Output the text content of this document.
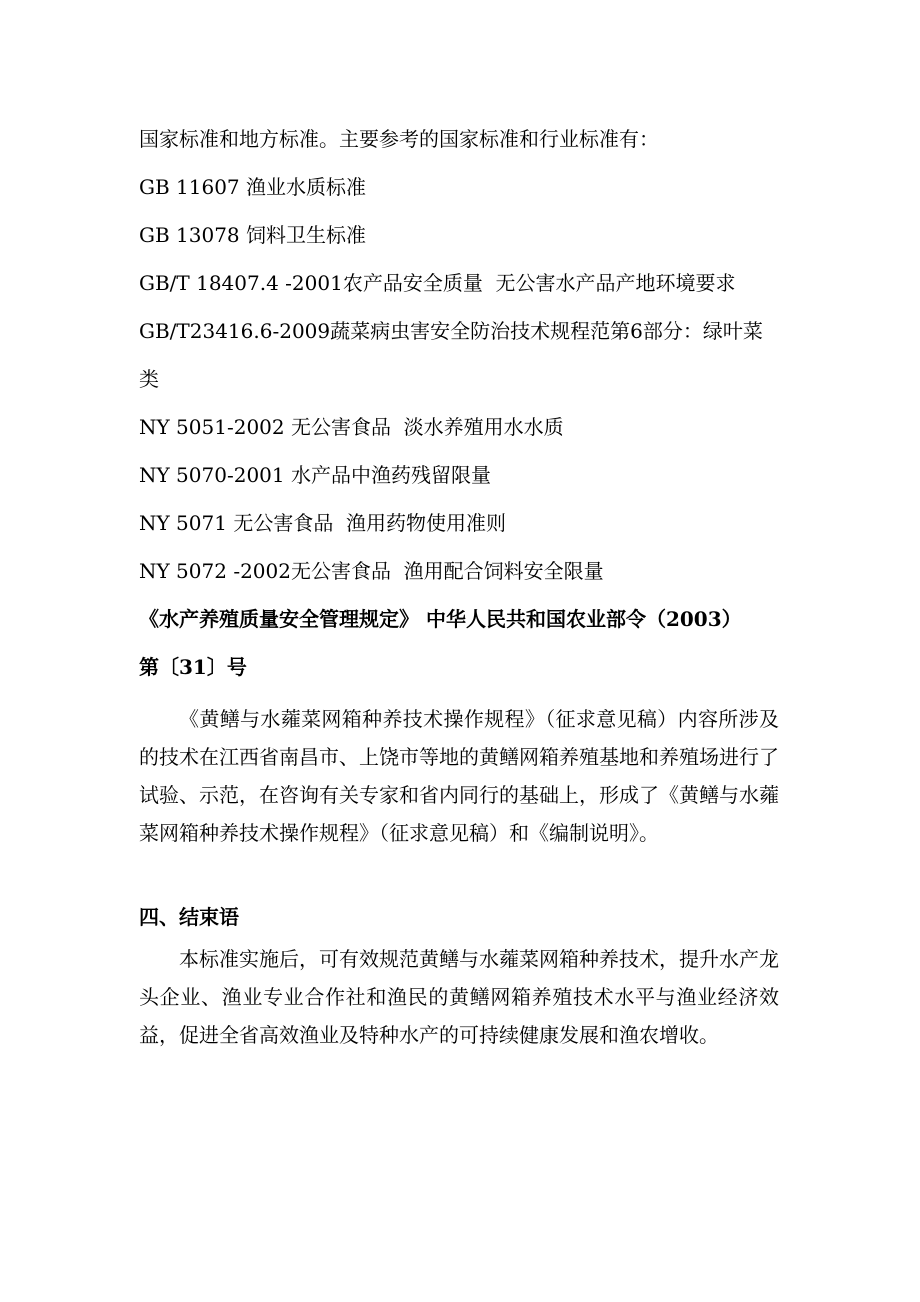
国家标准和地方标准。主要参考的国家标准和行业标准有：
GB 11607 渔业水质标准
GB 13078 饲料卫生标准
GB/T 18407.4 -2001农产品安全质量  无公害水产品产地环境要求
GB/T23416.6-2009蔬菜病虫害安全防治技术规程范第6部分：绿叶菜
类
NY 5051-2002 无公害食品  淡水养殖用水水质
NY 5070-2001 水产品中渔药残留限量
NY 5071 无公害食品  渔用药物使用准则
NY 5072 -2002无公害食品  渔用配合饲料安全限量
《水产养殖质量安全管理规定》 中华人民共和国农业部令（2003）
第〔31〕号
《黄鳝与水蕹菜网箱种养技术操作规程》（征求意见稿）内容所涉及的技术在江西省南昌市、上饶市等地的黄鳝网箱养殖基地和养殖场进行了试验、示范，在咨询有关专家和省内同行的基础上，形成了《黄鳝与水蕹菜网箱种养技术操作规程》（征求意见稿）和《编制说明》。
四、结束语
本标准实施后，可有效规范黄鳝与水蕹菜网箱种养技术，提升水产龙头企业、渔业专业合作社和渔民的黄鳝网箱养殖技术水平与渔业经济效益，促进全省高效渔业及特种水产的可持续健康发展和渔农增收。
